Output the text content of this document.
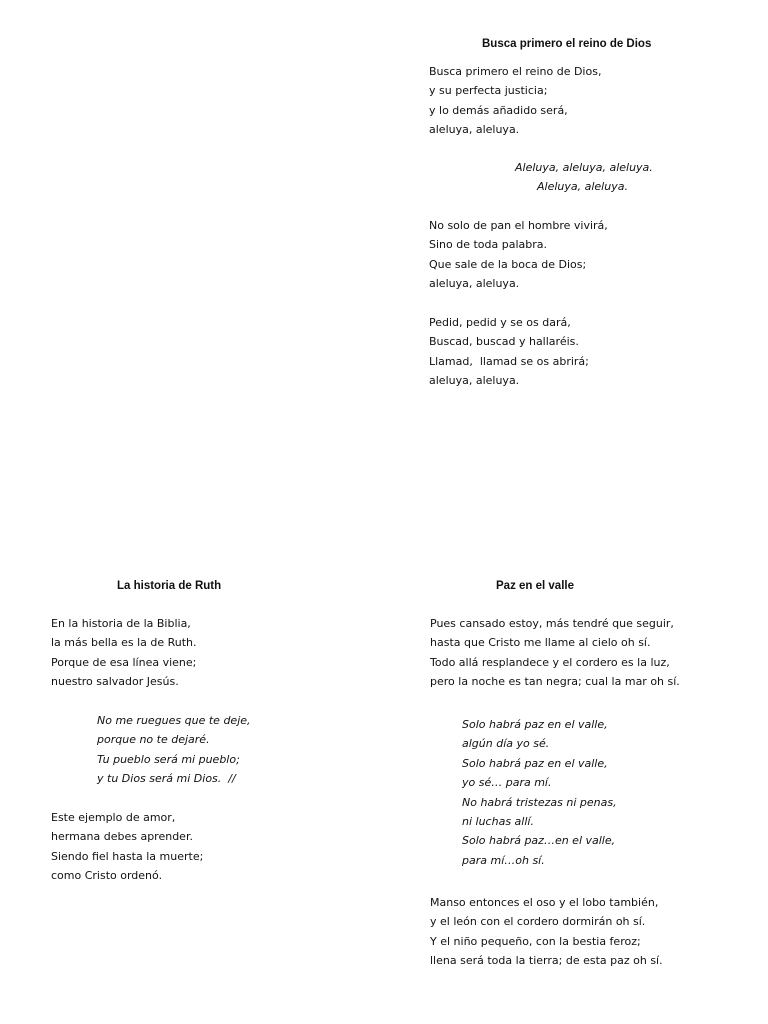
Busca primero el reino de Dios
Busca primero el reino de Dios,
y su perfecta justicia;
y lo demás añadido será,
aleluya, aleluya.
Aleluya, aleluya, aleluya.
Aleluya, aleluya.
No solo de pan el hombre vivirá,
Sino de toda palabra.
Que sale de la boca de Dios;
aleluya, aleluya.
Pedid, pedid y se os dará,
Buscad, buscad y hallaréis.
Llamad,  llamad se os abrirá;
aleluya, aleluya.
La historia de Ruth
En la historia de la Biblia,
la más bella es la de Ruth.
Porque de esa línea viene;
nuestro salvador Jesús.
No me ruegues que te deje,
porque no te dejaré.
Tu pueblo será mi pueblo;
y tu Dios será mi Dios.  //
Este ejemplo de amor,
hermana debes aprender.
Siendo fiel hasta la muerte;
como Cristo ordenó.
Paz en el valle
Pues cansado estoy, más tendré que seguir,
hasta que Cristo me llame al cielo oh sí.
Todo allá resplandece y el cordero es la luz,
pero la noche es tan negra; cual la mar oh sí.
Solo habrá paz en el valle,
algún día yo sé.
Solo habrá paz en el valle,
yo sé… para mí.
No habrá tristezas ni penas,
ni luchas allí.
Solo habrá paz…en el valle,
para mí…oh sí.
Manso entonces el oso y el lobo también,
y el león con el cordero dormirán oh sí.
Y el niño pequeño, con la bestia feroz;
llena será toda la tierra; de esta paz oh sí.
